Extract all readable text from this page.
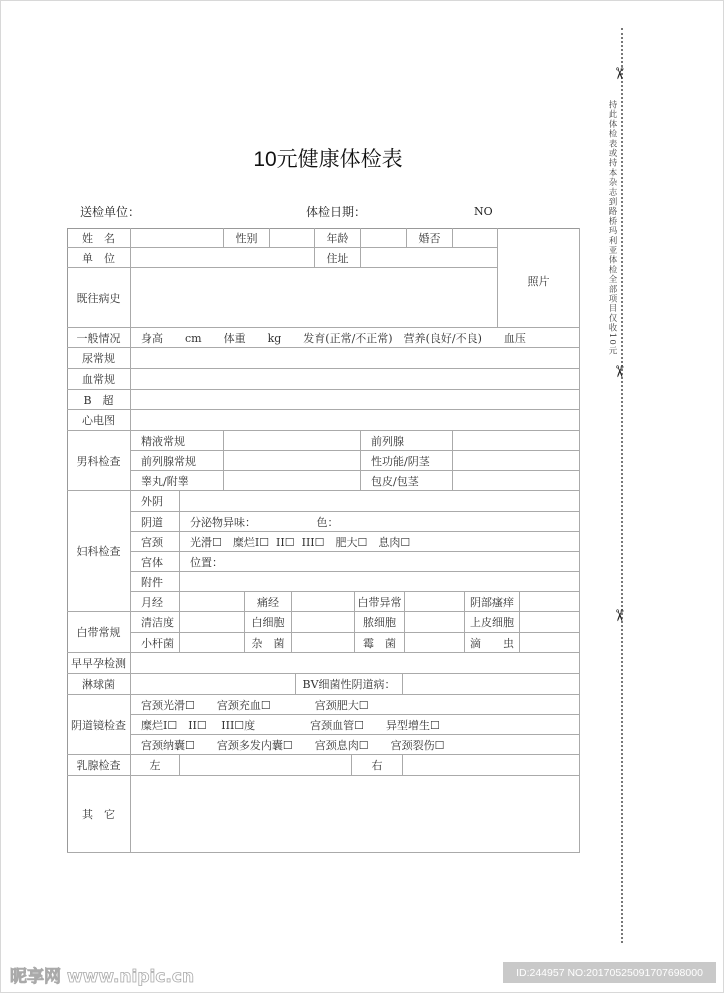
10元健康体检表
送检单位：	体检日期：	NO
姓　名	性别	年龄	婚否
照片
单　位	住址
既往病史
一般情况	身高　　cm　　体重　　kg　　发育(正常/不正常)　营养(良好/不良)　　血压
尿常规
血常规
B　超
心电图
男科检查
精液常规	前列腺
前列腺常规	性功能/阴茎
睾丸/附睾	包皮/包茎
妇科检查
外阴
阴道	分泌物异味：　　　　　　色：
宫颈	光滑☐　糜烂I☐  II☐  III☐　肥大☐　息肉☐
宫体	位置：
附件
月经	痛经	白带异常	阴部瘙痒
白带常规
清洁度	白细胞	脓细胞	上皮细胞
小杆菌	杂　菌	霉　菌	滴　　虫
早早孕检测
淋球菌	BV细菌性阴道病：
阴道镜检查
宫颈光滑☐　　宫颈充血☐　　　　宫颈肥大☐
糜烂I☐　II☐　 III☐度　　　　　宫颈血管☐　　异型增生☐
宫颈纳囊☐　　宫颈多发内囊☐　　宫颈息肉☐　　宫颈裂伤☐
乳腺检查	左	右
其　它
✂
✂
✂
持此体检表或持本杂志到路桥玛利亚体检全部项目仅收10元
昵享网 www.nipic.cn	ID:244957 NO:20170525091707698000
